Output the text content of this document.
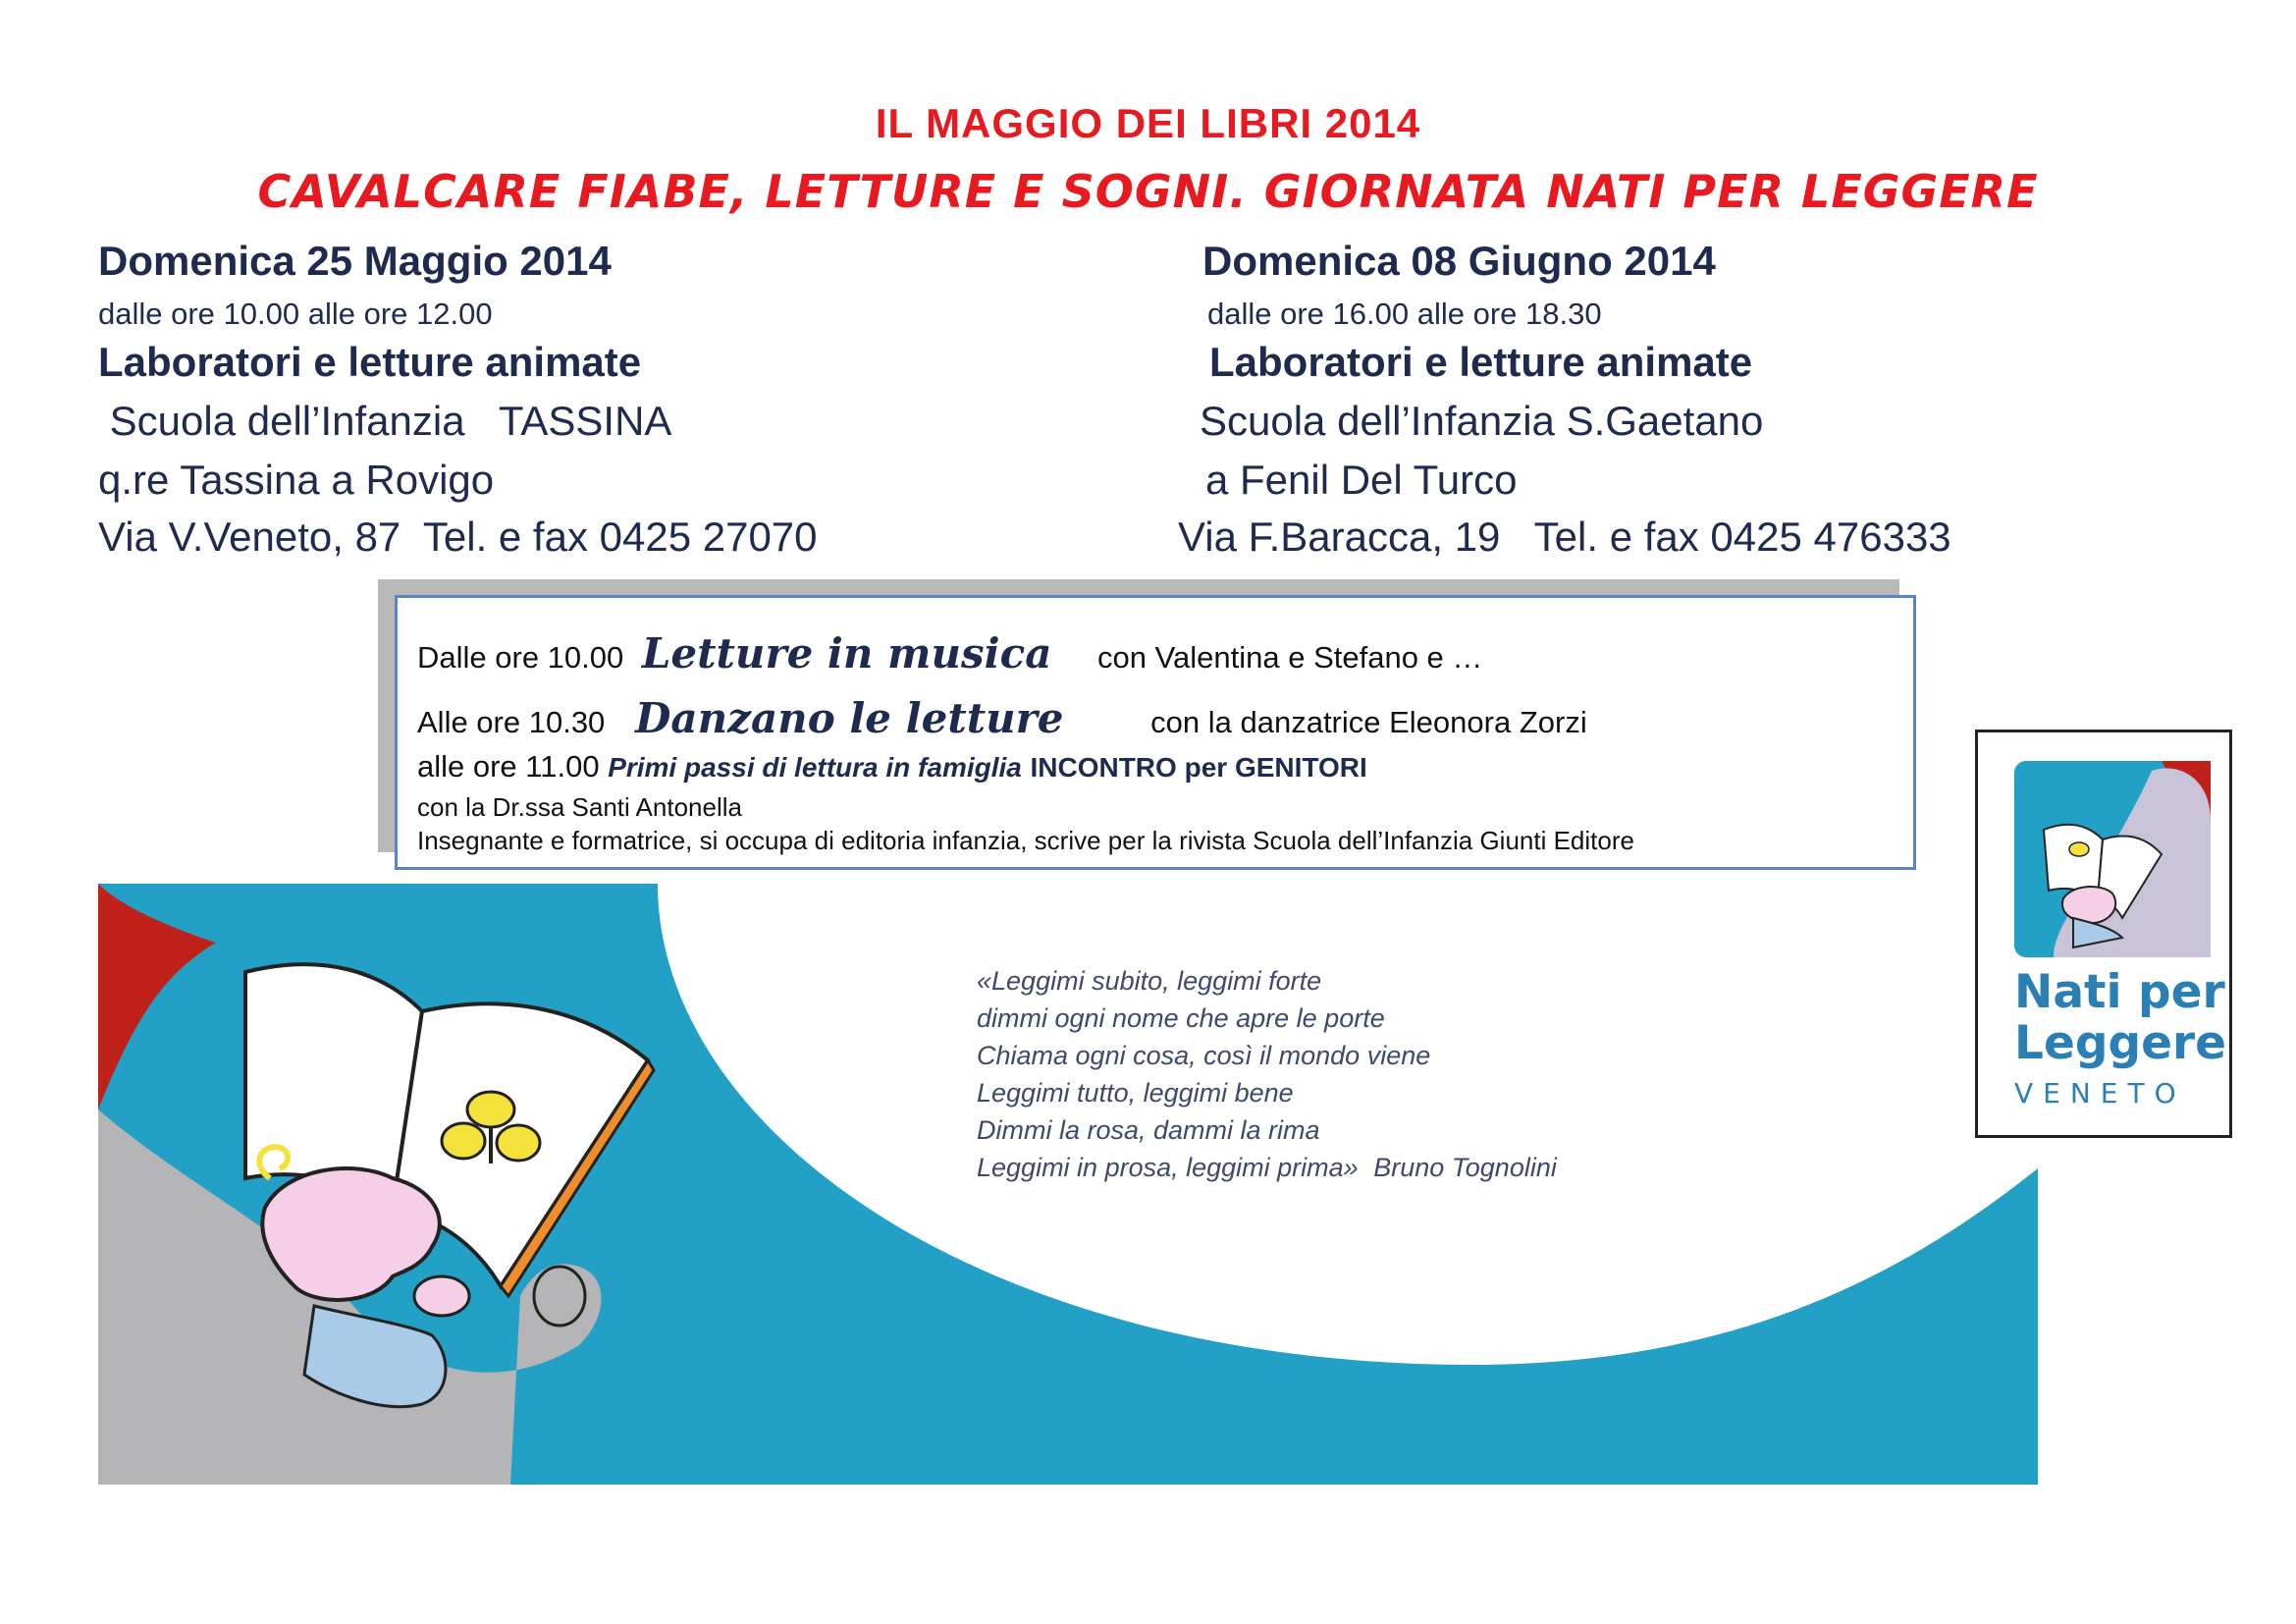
IL MAGGIO DEI LIBRI 2014
CAVALCARE FIABE, LETTURE E SOGNI. GIORNATA NATI PER LEGGERE
Domenica 25 Maggio 2014
dalle ore 10.00 alle ore 12.00
Laboratori e letture animate
Scuola dell’Infanzia   TASSINA
q.re Tassina a Rovigo
Via V.Veneto, 87  Tel. e fax 0425 27070
Domenica 08 Giugno 2014
dalle ore 16.00 alle ore 18.30
Laboratori e letture animate
Scuola dell’Infanzia S.Gaetano
a Fenil Del Turco
Via F.Baracca, 19   Tel. e fax 0425 476333
Dalle ore 10.00 Letture in musica con Valentina e Stefano e …
Alle ore 10.30 Danzano le letture	con la danzatrice Eleonora Zorzi
alle ore 11.00 Primi passi di lettura in famiglia INCONTRO per GENITORI
con la Dr.ssa Santi Antonella
Insegnante e formatrice, si occupa di editoria infanzia, scrive per la rivista Scuola dell’Infanzia Giunti Editore
«Leggimi subito, leggimi forte
dimmi ogni nome che apre le porte
Chiama ogni cosa, così il mondo viene
Leggimi tutto, leggimi bene
Dimmi la rosa, dammi la rima
Leggimi in prosa, leggimi prima» Bruno Tognolini
Nati per
Leggere
VENETO
